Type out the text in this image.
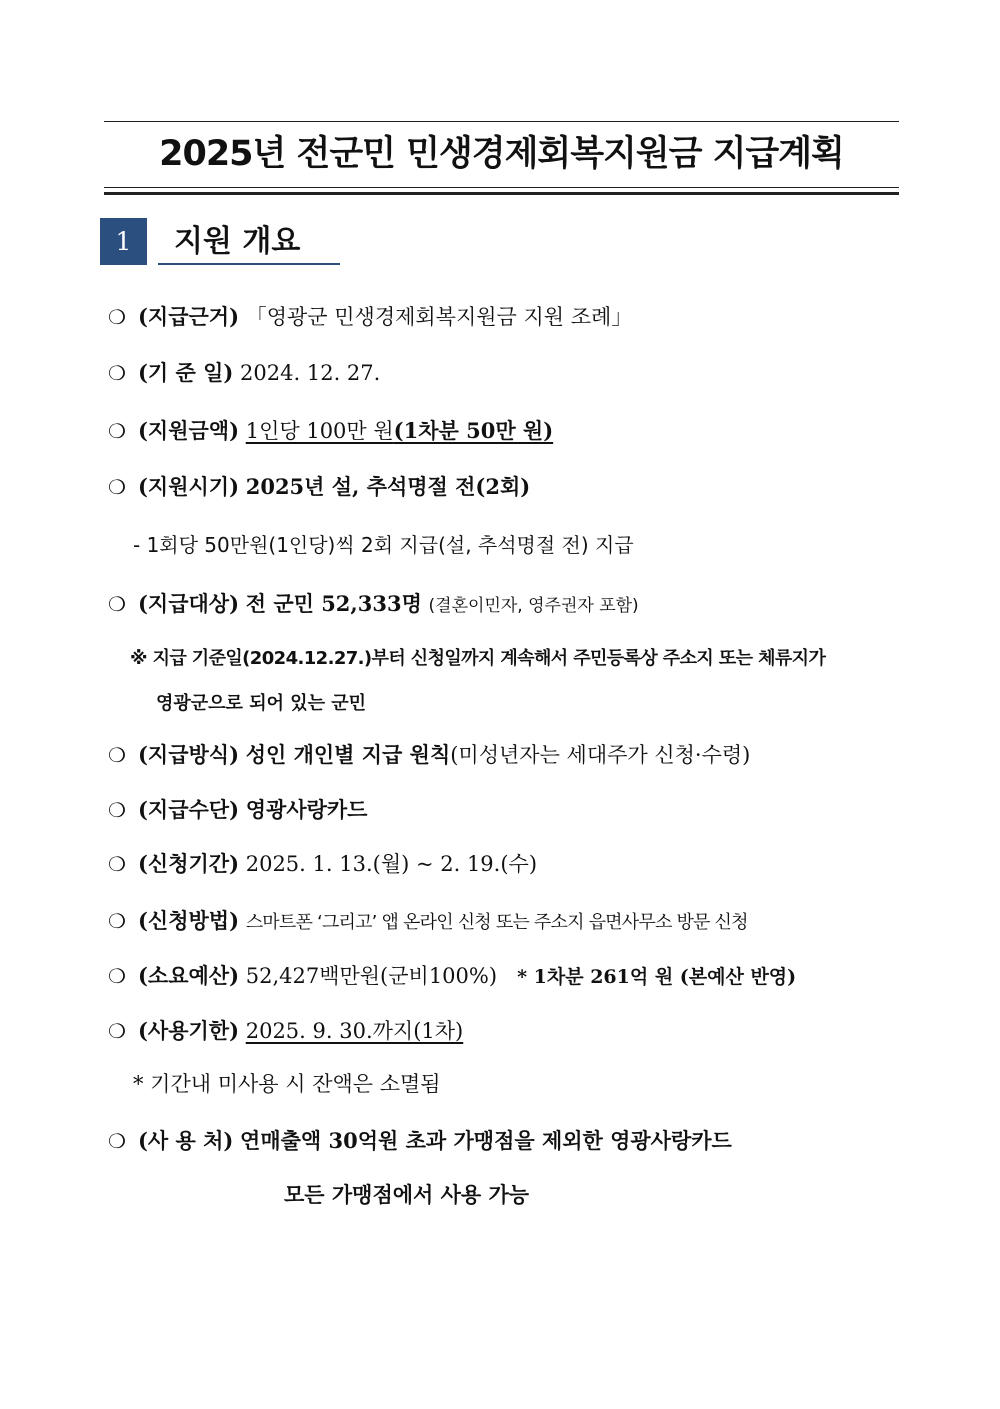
2025년 전군민 민생경제회복지원금 지급계획
1	지원 개요
❍ (지급근거) 「영광군 민생경제회복지원금 지원 조례」
❍ (기 준 일) 2024. 12. 27.
❍ (지원금액) 1인당 100만 원(1차분 50만 원)
❍ (지원시기) 2025년 설, 추석명절 전(2회)
- 1회당 50만원(1인당)씩 2회 지급(설, 추석명절 전) 지급
❍ (지급대상) 전 군민 52,333명 (결혼이민자, 영주권자 포함)
※ 지급 기준일(2024.12.27.)부터 신청일까지 계속해서 주민등록상 주소지 또는 체류지가
영광군으로 되어 있는 군민
❍ (지급방식) 성인 개인별 지급 원칙(미성년자는 세대주가 신청·수령)
❍ (지급수단) 영광사랑카드
❍ (신청기간) 2025. 1. 13.(월) ~ 2. 19.(수)
❍ (신청방법) 스마트폰 ‘그리고’ 앱 온라인 신청 또는 주소지 읍면사무소 방문 신청
❍ (소요예산) 52,427백만원(군비100%) * 1차분 261억 원 (본예산 반영)
❍ (사용기한) 2025. 9. 30.까지(1차)
* 기간내 미사용 시 잔액은 소멸됨
❍ (사 용 처) 연매출액 30억원 초과 가맹점을 제외한 영광사랑카드
모든 가맹점에서 사용 가능
